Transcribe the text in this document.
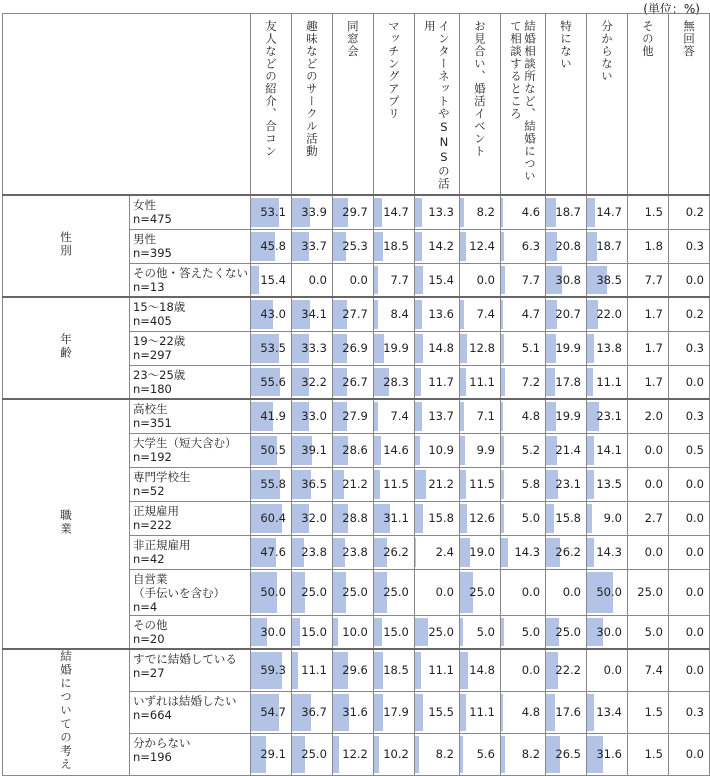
(単位：%)

		友人などの紹介、合コン	趣味などのサークル活動	同窓会	マッチングアプリ	インターネットやSNSの活用	お見合い、婚活イベント	結婚相談所など、結婚について相談するところ	特にない	分からない	その他	無回答

性別	女性
n=475	53.1	33.9	29.7	14.7	13.3	8.2	4.6	18.7	14.7	1.5	0.2

	男性
n=395	45.8	33.7	25.3	18.5	14.2	12.4	6.3	20.8	18.7	1.8	0.3

	その他・答えたくない
n=13	15.4	0.0	0.0	7.7	15.4	0.0	7.7	30.8	38.5	7.7	0.0

年齢	15～18歳
n=405	43.0	34.1	27.7	8.4	13.6	7.4	4.7	20.7	22.0	1.7	0.2

	19～22歳
n=297	53.5	33.3	26.9	19.9	14.8	12.8	5.1	19.9	13.8	1.7	0.3

	23～25歳
n=180	55.6	32.2	26.7	28.3	11.7	11.1	7.2	17.8	11.1	1.7	0.0

職業	高校生
n=351	41.9	33.0	27.9	7.4	13.7	7.1	4.8	19.9	23.1	2.0	0.3

	大学生（短大含む）
n=192	50.5	39.1	28.6	14.6	10.9	9.9	5.2	21.4	14.1	0.0	0.5

	専門学校生
n=52	55.8	36.5	21.2	11.5	21.2	11.5	5.8	23.1	13.5	0.0	0.0

	正規雇用
n=222	60.4	32.0	28.8	31.1	15.8	12.6	5.0	15.8	9.0	2.7	0.0

	非正規雇用
n=42	47.6	23.8	23.8	26.2	2.4	19.0	14.3	26.2	14.3	0.0	0.0

	自営業
（手伝いを含む）
n=4	50.0	25.0	25.0	25.0	0.0	25.0	0.0	0.0	50.0	25.0	0.0

	その他
n=20	30.0	15.0	10.0	15.0	25.0	5.0	5.0	25.0	30.0	5.0	0.0

結婚についての考え	すでに結婚している
n=27	59.3	11.1	29.6	18.5	11.1	14.8	0.0	22.2	0.0	7.4	0.0

	いずれは結婚したい
n=664	54.7	36.7	31.6	17.9	15.5	11.1	4.8	17.6	13.4	1.5	0.3

	分からない
n=196	29.1	25.0	12.2	10.2	8.2	5.6	8.2	26.5	31.6	1.5	0.0
